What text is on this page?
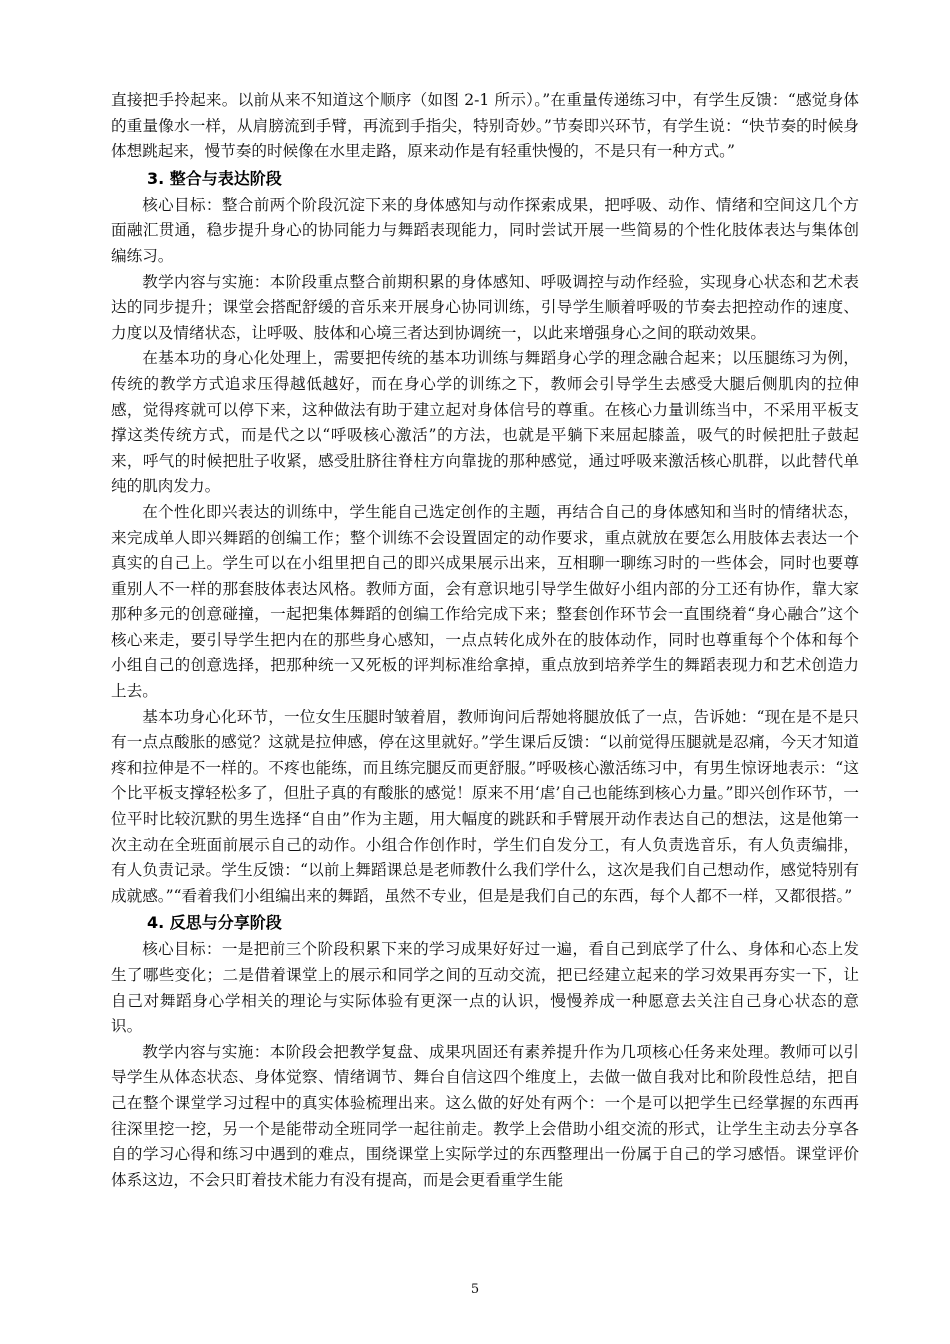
直接把手拎起来。以前从来不知道这个顺序（如图 2-1 所示）。”在重量传递练习中，有学生反馈：“感觉身体的重量像水一样，从肩膀流到手臂，再流到手指尖，特别奇妙。”节奏即兴环节，有学生说：“快节奏的时候身体想跳起来，慢节奏的时候像在水里走路，原来动作是有轻重快慢的，不是只有一种方式。”

3. 整合与表达阶段

核心目标：整合前两个阶段沉淀下来的身体感知与动作探索成果，把呼吸、动作、情绪和空间这几个方面融汇贯通，稳步提升身心的协同能力与舞蹈表现能力，同时尝试开展一些简易的个性化肢体表达与集体创编练习。

教学内容与实施：本阶段重点整合前期积累的身体感知、呼吸调控与动作经验，实现身心状态和艺术表达的同步提升；课堂会搭配舒缓的音乐来开展身心协同训练，引导学生顺着呼吸的节奏去把控动作的速度、力度以及情绪状态，让呼吸、肢体和心境三者达到协调统一，以此来增强身心之间的联动效果。

在基本功的身心化处理上，需要把传统的基本功训练与舞蹈身心学的理念融合起来；以压腿练习为例，传统的教学方式追求压得越低越好，而在身心学的训练之下，教师会引导学生去感受大腿后侧肌肉的拉伸感，觉得疼就可以停下来，这种做法有助于建立起对身体信号的尊重。在核心力量训练当中，不采用平板支撑这类传统方式，而是代之以“呼吸核心激活”的方法，也就是平躺下来屈起膝盖，吸气的时候把肚子鼓起来，呼气的时候把肚子收紧，感受肚脐往脊柱方向靠拢的那种感觉，通过呼吸来激活核心肌群，以此替代单纯的肌肉发力。

在个性化即兴表达的训练中，学生能自己选定创作的主题，再结合自己的身体感知和当时的情绪状态，来完成单人即兴舞蹈的创编工作；整个训练不会设置固定的动作要求，重点就放在要怎么用肢体去表达一个真实的自己上。学生可以在小组里把自己的即兴成果展示出来，互相聊一聊练习时的一些体会，同时也要尊重别人不一样的那套肢体表达风格。教师方面，会有意识地引导学生做好小组内部的分工还有协作，靠大家那种多元的创意碰撞，一起把集体舞蹈的创编工作给完成下来；整套创作环节会一直围绕着“身心融合”这个核心来走，要引导学生把内在的那些身心感知，一点点转化成外在的肢体动作，同时也尊重每个个体和每个小组自己的创意选择，把那种统一又死板的评判标准给拿掉，重点放到培养学生的舞蹈表现力和艺术创造力上去。

基本功身心化环节，一位女生压腿时皱着眉，教师询问后帮她将腿放低了一点，告诉她：“现在是不是只有一点点酸胀的感觉？这就是拉伸感，停在这里就好。”学生课后反馈：“以前觉得压腿就是忍痛，今天才知道疼和拉伸是不一样的。不疼也能练，而且练完腿反而更舒服。”呼吸核心激活练习中，有男生惊讶地表示：“这个比平板支撑轻松多了，但肚子真的有酸胀的感觉！原来不用‘虐’自己也能练到核心力量。”即兴创作环节，一位平时比较沉默的男生选择“自由”作为主题，用大幅度的跳跃和手臂展开动作表达自己的想法，这是他第一次主动在全班面前展示自己的动作。小组合作创作时，学生们自发分工，有人负责选音乐，有人负责编排，有人负责记录。学生反馈：“以前上舞蹈课总是老师教什么我们学什么，这次是我们自己想动作，感觉特别有成就感。”“看着我们小组编出来的舞蹈，虽然不专业，但是是我们自己的东西，每个人都不一样，又都很搭。”

4. 反思与分享阶段

核心目标：一是把前三个阶段积累下来的学习成果好好过一遍，看自己到底学了什么、身体和心态上发生了哪些变化；二是借着课堂上的展示和同学之间的互动交流，把已经建立起来的学习效果再夯实一下，让自己对舞蹈身心学相关的理论与实际体验有更深一点的认识，慢慢养成一种愿意去关注自己身心状态的意识。

教学内容与实施：本阶段会把教学复盘、成果巩固还有素养提升作为几项核心任务来处理。教师可以引导学生从体态状态、身体觉察、情绪调节、舞台自信这四个维度上，去做一做自我对比和阶段性总结，把自己在整个课堂学习过程中的真实体验梳理出来。这么做的好处有两个：一个是可以把学生已经掌握的东西再往深里挖一挖，另一个是能带动全班同学一起往前走。教学上会借助小组交流的形式，让学生主动去分享各自的学习心得和练习中遇到的难点，围绕课堂上实际学过的东西整理出一份属于自己的学习感悟。课堂评价体系这边，不会只盯着技术能力有没有提高，而是会更看重学生能

5
